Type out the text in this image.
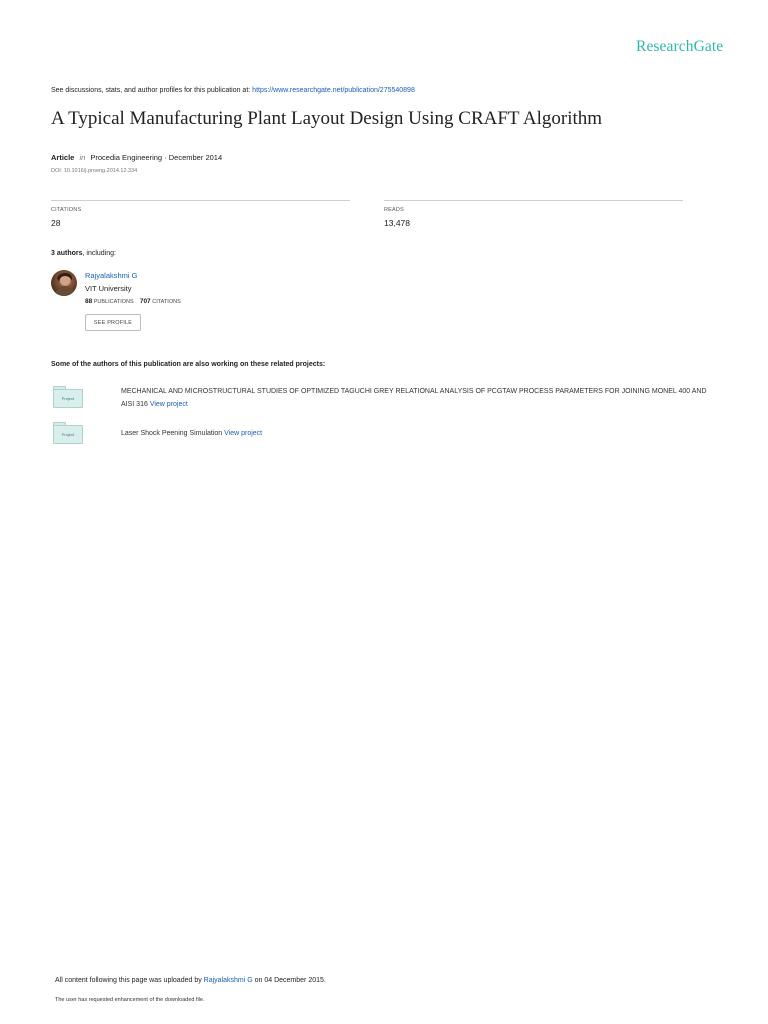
ResearchGate
See discussions, stats, and author profiles for this publication at: https://www.researchgate.net/publication/275540898
A Typical Manufacturing Plant Layout Design Using CRAFT Algorithm
Article in Procedia Engineering · December 2014
DOI: 10.1016/j.proeng.2014.12.334
CITATIONS
28
READS
13,478
3 authors, including:
Rajyalakshmi G
VIT University
88 PUBLICATIONS 707 CITATIONS
SEE PROFILE
Some of the authors of this publication are also working on these related projects:
Project
MECHANICAL AND MICROSTRUCTURAL STUDIES OF OPTIMIZED TAGUCHI GREY RELATIONAL ANALYSIS OF PCGTAW PROCESS PARAMETERS FOR JOINING MONEL 400 AND AISI 316 View project
Project	Laser Shock Peening Simulation View project
All content following this page was uploaded by Rajyalakshmi G on 04 December 2015.
The user has requested enhancement of the downloaded file.
